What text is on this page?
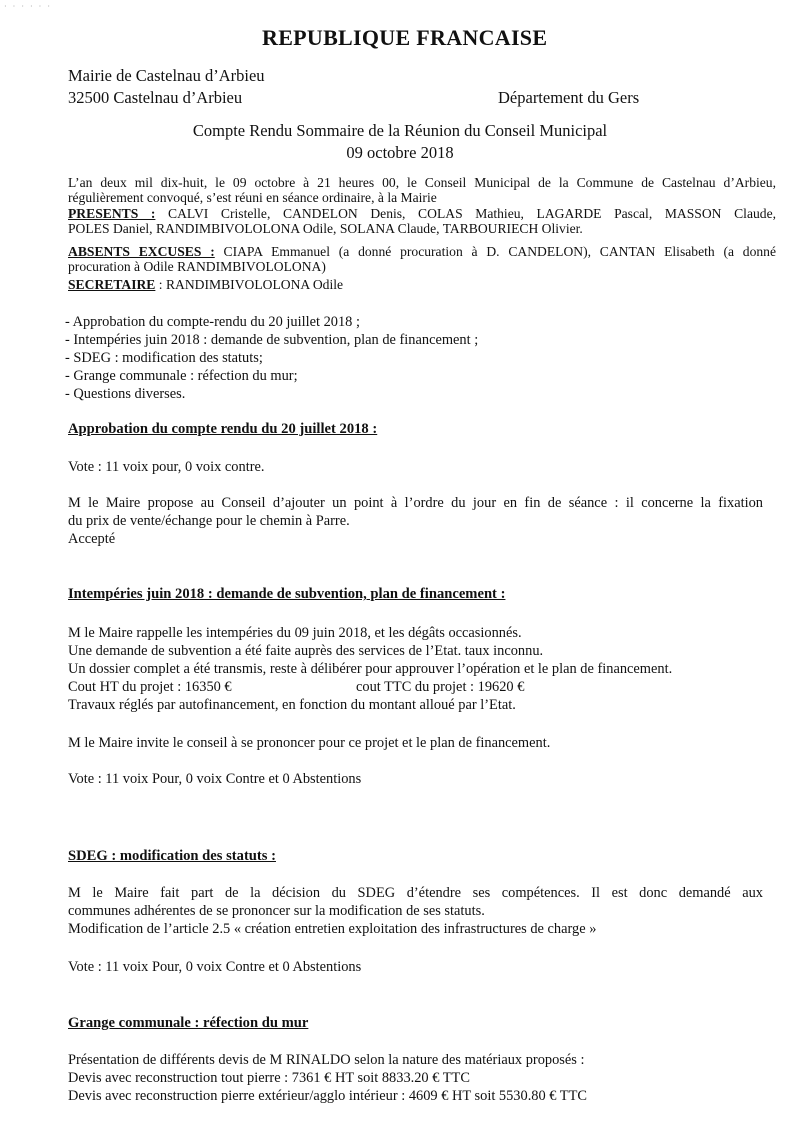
· · · · · ·
REPUBLIQUE FRANCAISE
Mairie de Castelnau d’Arbieu
32500 Castelnau d’Arbieu	Département du Gers
Compte Rendu Sommaire de la Réunion du Conseil Municipal
09 octobre 2018
L’an deux mil dix-huit, le 09 octobre à 21 heures 00, le Conseil Municipal de la Commune de Castelnau d’Arbieu,
régulièrement convoqué, s’est réuni en séance ordinaire, à la Mairie
PRESENTS : CALVI Cristelle, CANDELON Denis, COLAS Mathieu, LAGARDE Pascal, MASSON Claude,
POLES Daniel, RANDIMBIVOLOLONA Odile, SOLANA Claude, TARBOURIECH Olivier.
ABSENTS EXCUSES : CIAPA Emmanuel (a donné procuration à D. CANDELON), CANTAN Elisabeth (a donné
procuration à Odile RANDIMBIVOLOLONA)
SECRETAIRE : RANDIMBIVOLOLONA Odile
- Approbation du compte-rendu du 20 juillet 2018 ;
- Intempéries juin 2018 : demande de subvention, plan de financement ;
- SDEG : modification des statuts;
- Grange communale : réfection du mur;
- Questions diverses.
Approbation du compte rendu du 20 juillet 2018 :
Vote : 11 voix pour, 0 voix contre.
M le Maire propose au Conseil d’ajouter un point à l’ordre du jour en fin de séance : il concerne la fixation
du prix de vente/échange pour le chemin à Parre.
Accepté
Intempéries juin 2018 : demande de subvention, plan de financement :
M le Maire rappelle les intempéries du 09 juin 2018, et les dégâts occasionnés.
Une demande de subvention a été faite auprès des services de l’Etat. taux inconnu.
Un dossier complet a été transmis, reste à délibérer pour approuver l’opération et le plan de financement.
Cout HT du projet : 16350 €	cout TTC du projet : 19620 €
Travaux réglés par autofinancement, en fonction du montant alloué par l’Etat.
M le Maire invite le conseil à se prononcer pour ce projet et le plan de financement.
Vote : 11 voix Pour, 0 voix Contre et 0 Abstentions
SDEG : modification des statuts :
M le Maire fait part de la décision du SDEG d’étendre ses compétences. Il est donc demandé aux
communes adhérentes de se prononcer sur la modification de ses statuts.
Modification de l’article 2.5 « création entretien exploitation des infrastructures de charge »
Vote : 11 voix Pour, 0 voix Contre et 0 Abstentions
Grange communale : réfection du mur
Présentation de différents devis de M RINALDO selon la nature des matériaux proposés :
Devis avec reconstruction tout pierre : 7361 € HT soit 8833.20 € TTC
Devis avec reconstruction pierre extérieur/agglo intérieur : 4609 € HT soit 5530.80 € TTC
